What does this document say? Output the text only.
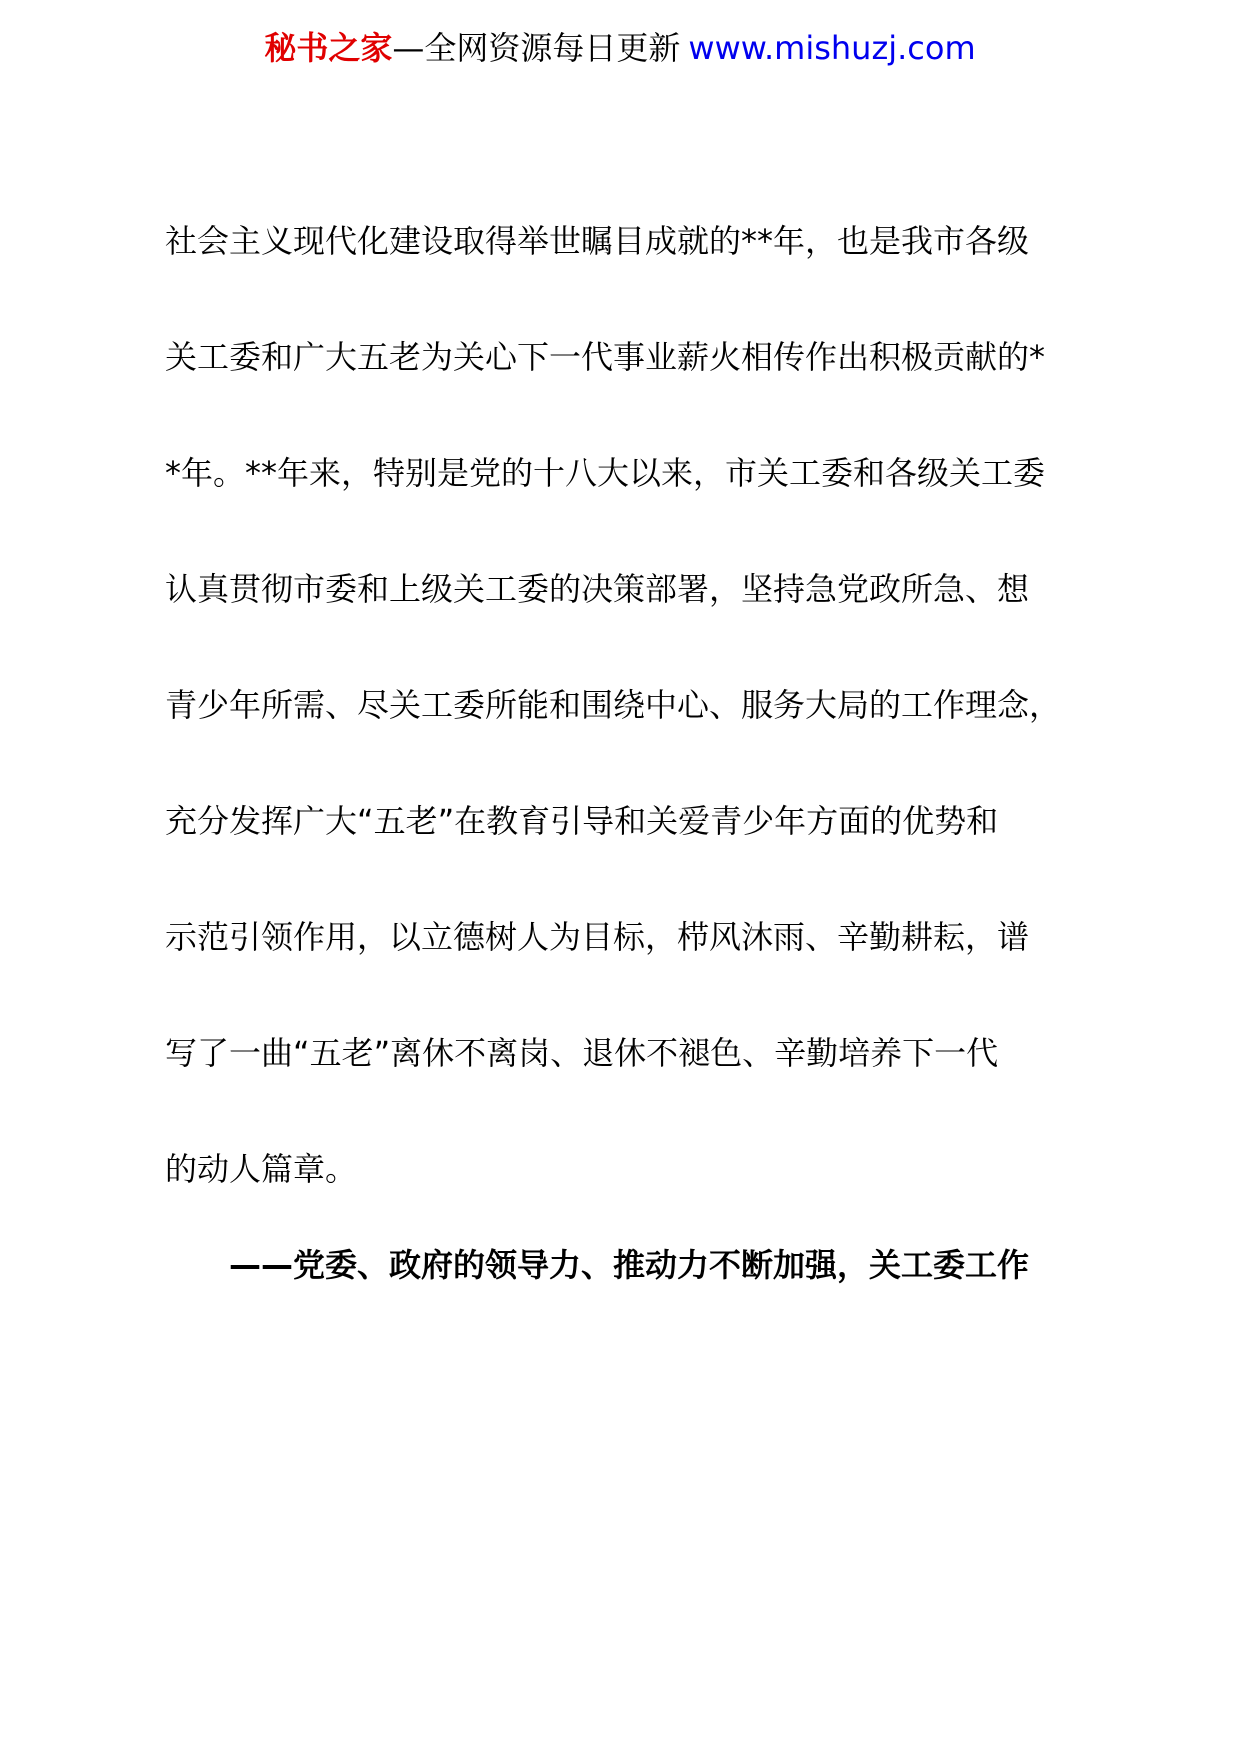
秘书之家—全网资源每日更新 www.mishuzj.com
社会主义现代化建设取得举世瞩目成就的**年，也是我市各级
关工委和广大五老为关心下一代事业薪火相传作出积极贡献的*
*年。**年来，特别是党的十八大以来，市关工委和各级关工委
认真贯彻市委和上级关工委的决策部署，坚持急党政所急、想
青少年所需、尽关工委所能和围绕中心、服务大局的工作理念，
充分发挥广大“五老”在教育引导和关爱青少年方面的优势和
示范引领作用，以立德树人为目标，栉风沐雨、辛勤耕耘，谱
写了一曲“五老”离休不离岗、退休不褪色、辛勤培养下一代
的动人篇章。
——党委、政府的领导力、推动力不断加强，关工委工作
